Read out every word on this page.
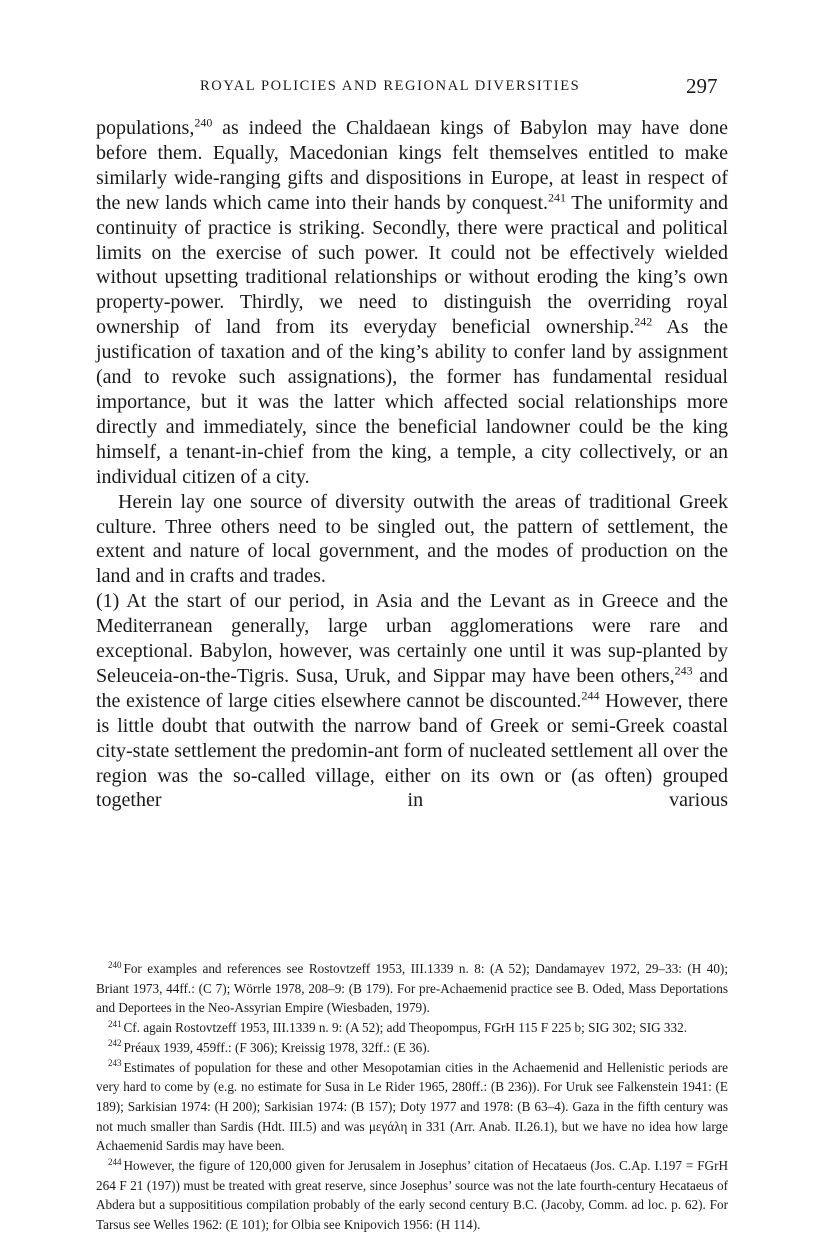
ROYAL POLICIES AND REGIONAL DIVERSITIES	297

populations,$^{240}$ as indeed the Chaldaean kings of Babylon may have done before them. Equally, Macedonian kings felt themselves entitled to make similarly wide-ranging gifts and dispositions in Europe, at least in respect of the new lands which came into their hands by conquest.$^{241}$ The uniformity and continuity of practice is striking. Secondly, there were practical and political limits on the exercise of such power. It could not be effectively wielded without upsetting traditional relationships or without eroding the king’s own property-power. Thirdly, we need to distinguish the overriding royal ownership of land from its everyday beneficial ownership.$^{242}$ As the justification of taxation and of the king’s ability to confer land by assignment (and to revoke such assignations), the former has fundamental residual importance, but it was the latter which affected social relationships more directly and immediately, since the beneficial landowner could be the king himself, a tenant-in-chief from the king, a temple, a city collectively, or an individual citizen of a city.

Herein lay one source of diversity outwith the areas of traditional Greek culture. Three others need to be singled out, the pattern of settlement, the extent and nature of local government, and the modes of production on the land and in crafts and trades.

(1) At the start of our period, in Asia and the Levant as in Greece and the Mediterranean generally, large urban agglomerations were rare and exceptional. Babylon, however, was certainly one until it was sup-planted by Seleuceia-on-the-Tigris. Susa, Uruk, and Sippar may have been others,$^{243}$ and the existence of large cities elsewhere cannot be discounted.$^{244}$ However, there is little doubt that outwith the narrow band of Greek or semi-Greek coastal city-state settlement the predomin-ant form of nucleated settlement all over the region was the so-called village, either on its own or (as often) grouped together in various

$^{240}$ For examples and references see Rostovtzeff 1953, III.1339 n. 8: (A 52); Dandamayev 1972, 29–33: (H 40); Briant 1973, 44ff.: (C 7); Wörrle 1978, 208–9: (B 179). For pre-Achaemenid practice see B. Oded, Mass Deportations and Deportees in the Neo-Assyrian Empire (Wiesbaden, 1979).

$^{241}$ Cf. again Rostovtzeff 1953, III.1339 n. 9: (A 52); add Theopompus, FGrH 115 F 225 b; SIG 302; SIG 332.

$^{242}$ Préaux 1939, 459ff.: (F 306); Kreissig 1978, 32ff.: (E 36).

$^{243}$ Estimates of population for these and other Mesopotamian cities in the Achaemenid and Hellenistic periods are very hard to come by (e.g. no estimate for Susa in Le Rider 1965, 280ff.: (B 236)). For Uruk see Falkenstein 1941: (E 189); Sarkisian 1974: (H 200); Sarkisian 1974: (B 157); Doty 1977 and 1978: (B 63–4). Gaza in the fifth century was not much smaller than Sardis (Hdt. III.5) and was μεγάλη in 331 (Arr. Anab. II.26.1), but we have no idea how large Achaemenid Sardis may have been.

$^{244}$ However, the figure of 120,000 given for Jerusalem in Josephus’ citation of Hecataeus (Jos. C.Ap. I.197 = FGrH 264 F 21 (197)) must be treated with great reserve, since Josephus’ source was not the late fourth-century Hecataeus of Abdera but a supposititious compilation probably of the early second century B.C. (Jacoby, Comm. ad loc. p. 62). For Tarsus see Welles 1962: (E 101); for Olbia see Knipovich 1956: (H 114).
